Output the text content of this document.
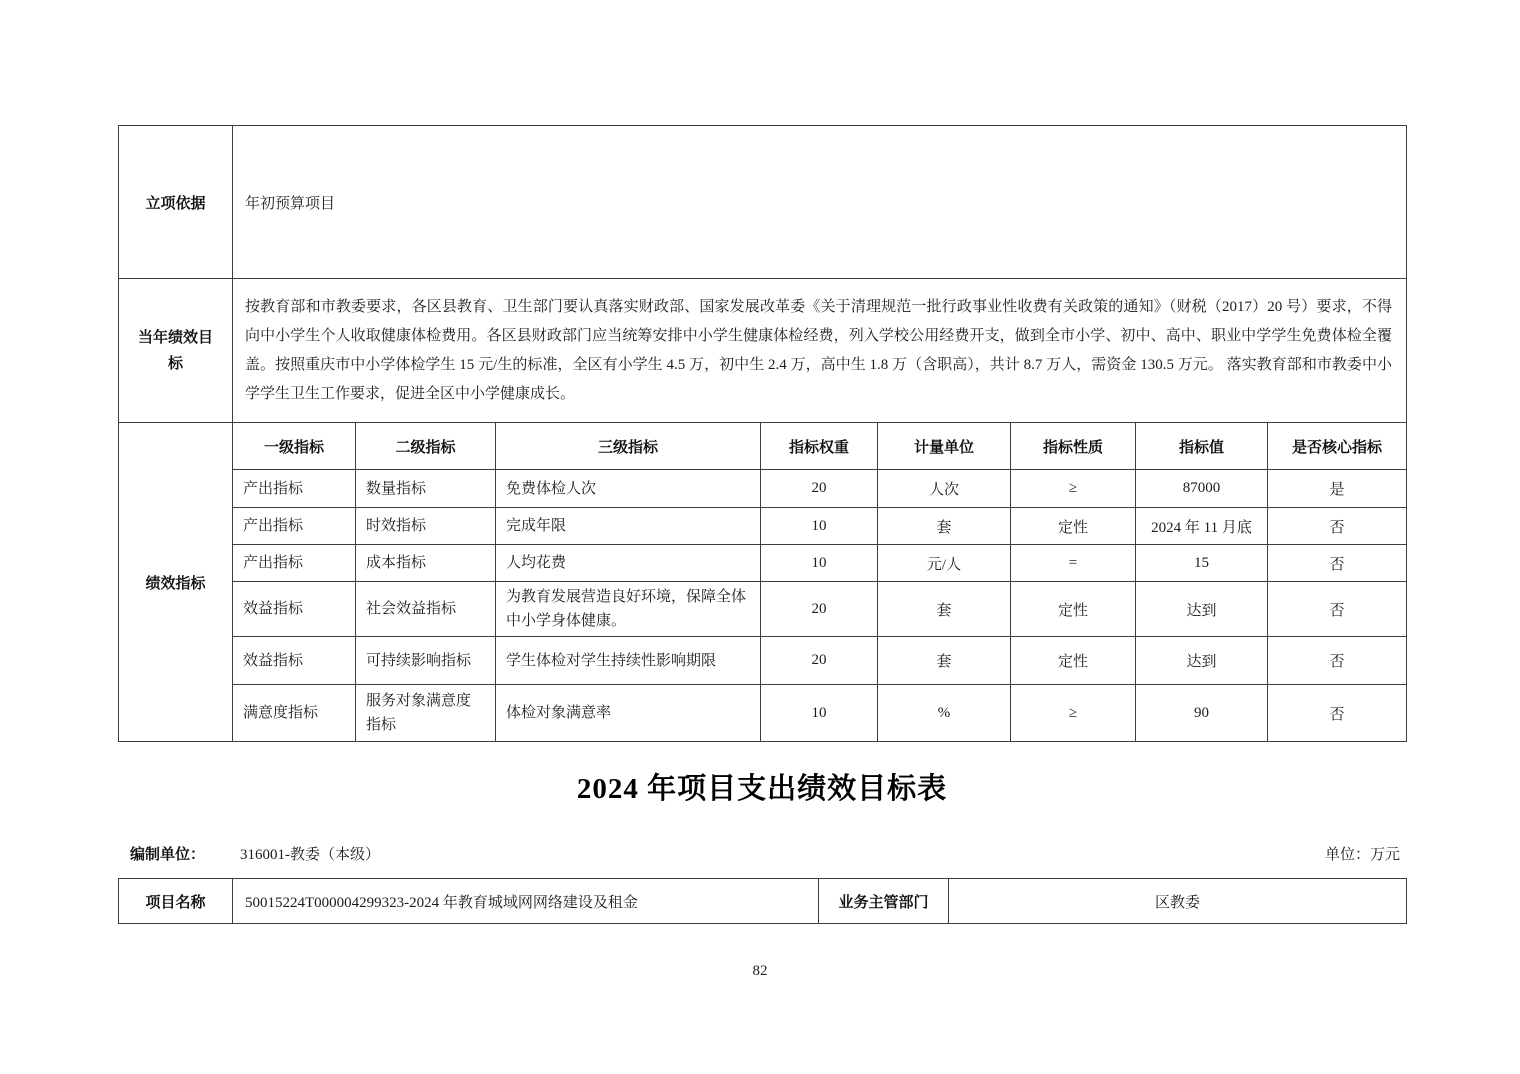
立项依据	年初预算项目							
当年绩效目标	按教育部和市教委要求，各区县教育、卫生部门要认真落实财政部、国家发展改革委《关于清理规范一批行政事业性收费有关政策的通知》（财税（2017）20 号）要求，不得向中小学生个人收取健康体检费用。各区县财政部门应当统筹安排中小学生健康体检经费，列入学校公用经费开支，做到全市小学、初中、高中、职业中学学生免费体检全覆盖。按照重庆市中小学体检学生 15 元/生的标准，全区有小学生 4.5 万，初中生 2.4 万，高中生 1.8 万（含职高），共计 8.7 万人，需资金 130.5 万元。 落实教育部和市教委中小学学生卫生工作要求，促进全区中小学健康成长。							
绩效指标	一级指标	二级指标	三级指标	指标权重	计量单位	指标性质	指标值	是否核心指标
	产出指标	数量指标	免费体检人次	20	人次	≥	87000	是
	产出指标	时效指标	完成年限	10	套	定性	2024 年 11 月底	否
	产出指标	成本指标	人均花费	10	元/人	=	15	否
	效益指标	社会效益指标	为教育发展营造良好环境，保障全体中小学身体健康。	20	套	定性	达到	否
	效益指标	可持续影响指标	学生体检对学生持续性影响期限	20	套	定性	达到	否
	满意度指标	服务对象满意度指标	体检对象满意率	10	%	≥	90	否
2024 年项目支出绩效目标表
编制单位： 316001-教委（本级）	单位：万元
项目名称	50015224T000004299323-2024 年教育城域网网络建设及租金	业务主管部门	区教委
82
